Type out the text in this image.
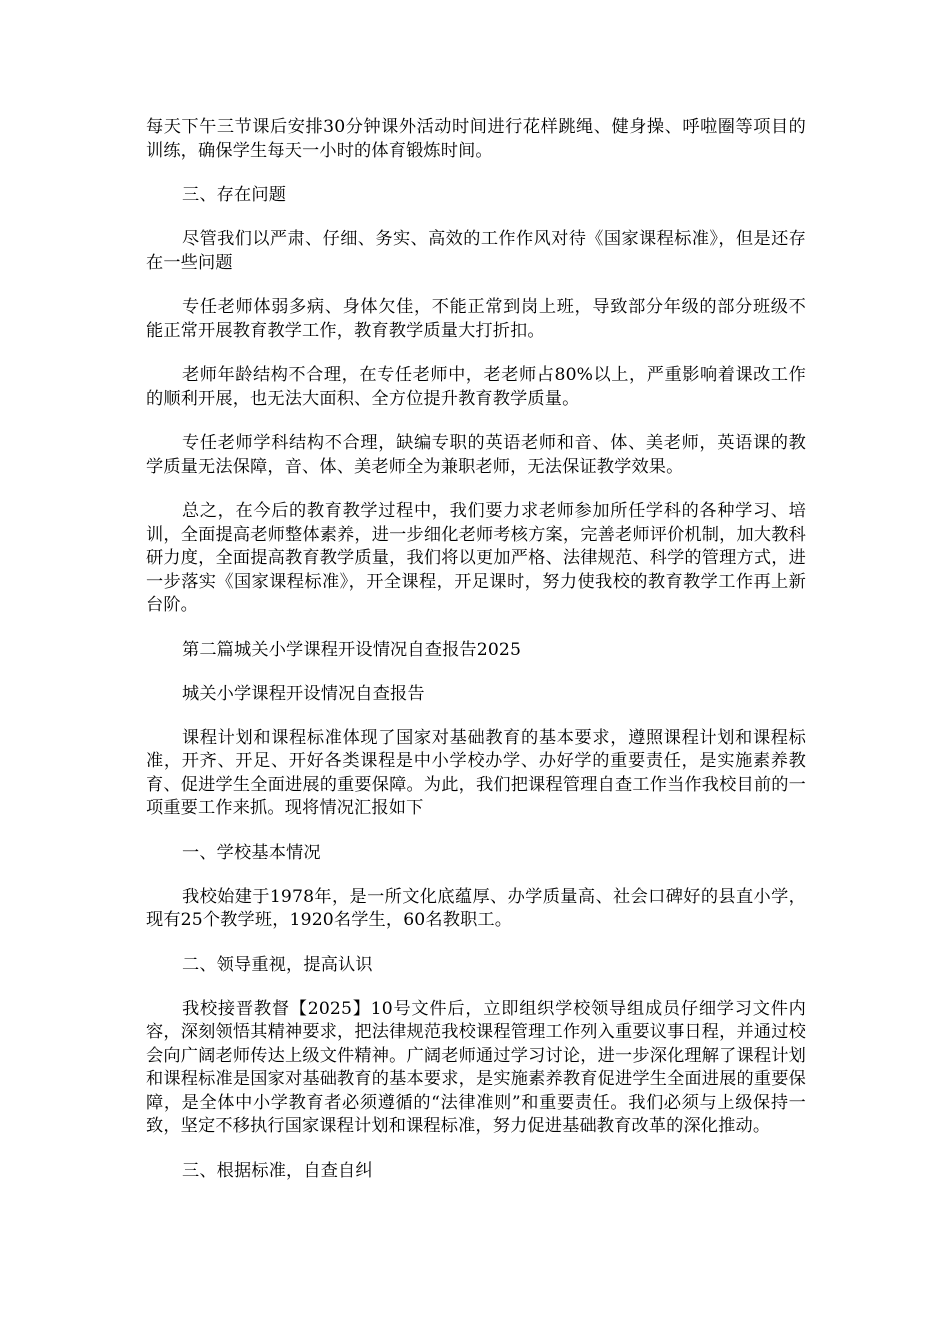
每天下午三节课后安排30分钟课外活动时间进行花样跳绳、健身操、呼啦圈等项目的训练，确保学生每天一小时的体育锻炼时间。

三、存在问题

尽管我们以严肃、仔细、务实、高效的工作作风对待《国家课程标准》，但是还存在一些问题

专任老师体弱多病、身体欠佳，不能正常到岗上班，导致部分年级的部分班级不能正常开展教育教学工作，教育教学质量大打折扣。

老师年龄结构不合理，在专任老师中，老老师占80%以上，严重影响着课改工作的顺利开展，也无法大面积、全方位提升教育教学质量。

专任老师学科结构不合理，缺编专职的英语老师和音、体、美老师，英语课的教学质量无法保障，音、体、美老师全为兼职老师，无法保证教学效果。

总之，在今后的教育教学过程中，我们要力求老师参加所任学科的各种学习、培训，全面提高老师整体素养，进一步细化老师考核方案，完善老师评价机制，加大教科研力度，全面提高教育教学质量，我们将以更加严格、法律规范、科学的管理方式，进一步落实《国家课程标准》，开全课程，开足课时，努力使我校的教育教学工作再上新台阶。

第二篇城关小学课程开设情况自查报告2025

城关小学课程开设情况自查报告

课程计划和课程标准体现了国家对基础教育的基本要求，遵照课程计划和课程标准，开齐、开足、开好各类课程是中小学校办学、办好学的重要责任，是实施素养教育、促进学生全面进展的重要保障。为此，我们把课程管理自查工作当作我校目前的一项重要工作来抓。现将情况汇报如下

一、学校基本情况

我校始建于1978年，是一所文化底蕴厚、办学质量高、社会口碑好的县直小学，现有25个教学班，1920名学生，60名教职工。

二、领导重视，提高认识

我校接晋教督【2025】10号文件后，立即组织学校领导组成员仔细学习文件内容，深刻领悟其精神要求，把法律规范我校课程管理工作列入重要议事日程，并通过校会向广阔老师传达上级文件精神。广阔老师通过学习讨论，进一步深化理解了课程计划和课程标准是国家对基础教育的基本要求，是实施素养教育促进学生全面进展的重要保障，是全体中小学教育者必须遵循的“法律准则”和重要责任。我们必须与上级保持一致，坚定不移执行国家课程计划和课程标准，努力促进基础教育改革的深化推动。

三、根据标准，自查自纠
